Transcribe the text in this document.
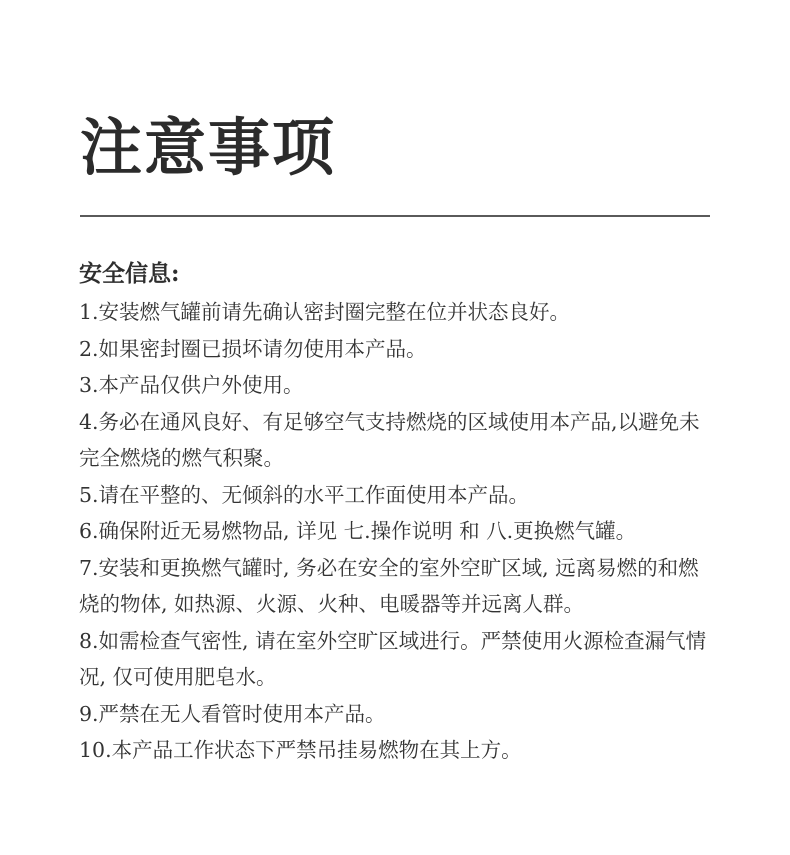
注意事项
安全信息:
1.安装燃气罐前请先确认密封圈完整在位并状态良好。
2.如果密封圈已损坏请勿使用本产品。
3.本产品仅供户外使用。
4.务必在通风良好、有足够空气支持燃烧的区域使用本产品,以避免未完全燃烧的燃气积聚。
5.请在平整的、无倾斜的水平工作面使用本产品。
6.确保附近无易燃物品, 详见 七.操作说明 和 八.更换燃气罐。
7.安装和更换燃气罐时, 务必在安全的室外空旷区域, 远离易燃的和燃烧的物体, 如热源、火源、火种、电暖器等并远离人群。
8.如需检查气密性, 请在室外空旷区域进行。严禁使用火源检查漏气情况, 仅可使用肥皂水。
9.严禁在无人看管时使用本产品。
10.本产品工作状态下严禁吊挂易燃物在其上方。
